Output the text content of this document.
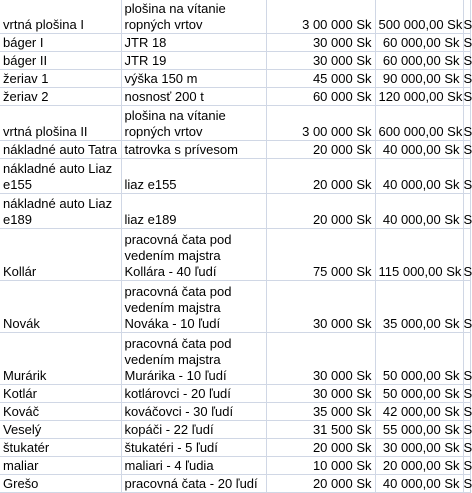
vrtná plošina I	plošina na vítanie ropných vrtov	3 00 000 Sk	500 000,00 Sk	S
báger I	JTR 18	30 000 Sk	60 000,00 Sk	S
báger II	JTR 19	30 000 Sk	60 000,00 Sk	S
žeriav 1	výška 150 m	45 000 Sk	90 000,00 Sk	S
žeriav 2	nosnosť 200 t	60 000 Sk	120 000,00 Sk	S
vrtná plošina II	plošina na vítanie ropných vrtov	3 00 000 Sk	600 000,00 Sk	S
nákladné auto Tatra	tatrovka s prívesom	20 000 Sk	40 000,00 Sk	S
nákladné auto Liaz e155	liaz e155	20 000 Sk	40 000,00 Sk	S
nákladné auto Liaz e189	liaz e189	20 000 Sk	40 000,00 Sk	S
Kollár	pracovná čata pod vedením majstra Kollára - 40 ľudí	75 000 Sk	115 000,00 Sk	S
Novák	pracovná čata pod vedením majstra Nováka - 10 ľudí	30 000 Sk	35 000,00 Sk	S
Murárik	pracovná čata pod vedením majstra Murárika - 10 ľudí	30 000 Sk	50 000,00 Sk	S
Kotlár	kotlárovci - 20 ľudí	30 000 Sk	50 000,00 Sk	S
Kováč	kováčovci - 30 ľudí	35 000 Sk	42 000,00 Sk	S
Veselý	kopáči - 22 ľudí	31 500 Sk	55 000,00 Sk	S
štukatér	štukatéri - 5 ľudí	20 000 Sk	30 000,00 Sk	S
maliar	maliari - 4 ľudia	10 000 Sk	20 000,00 Sk	S
Grešo	pracovná čata - 20 ľudí	20 000 Sk	40 000,00 Sk	S
